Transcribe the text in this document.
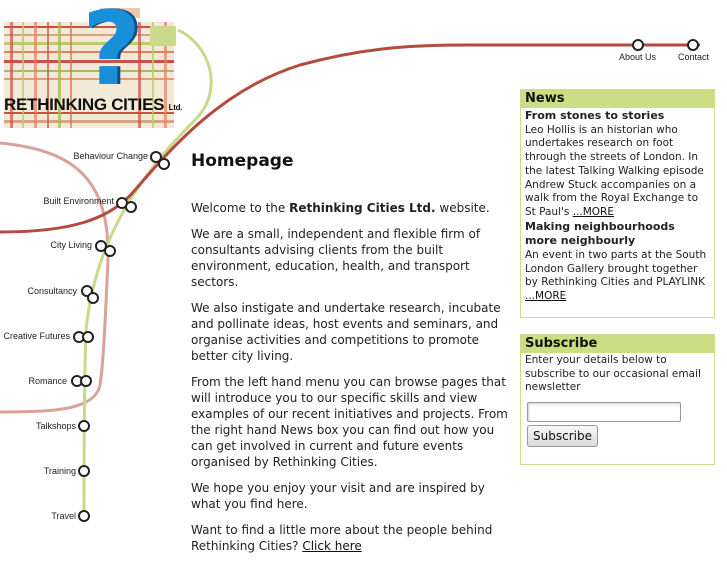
?
RETHINKING CITIES Ltd.
About Us Contact
Behaviour Change
Built Environment
City Living
Consultancy
Creative Futures
Romance
Talkshops
Training
Travel
Homepage

Welcome to the Rethinking Cities Ltd. website.

We are a small, independent and flexible firm of consultants advising clients from the built environment, education, health, and transport sectors.

We also instigate and undertake research, incubate and pollinate ideas, host events and seminars, and organise activities and competitions to promote better city living.

From the left hand menu you can browse pages that will introduce you to our specific skills and view examples of our recent initiatives and projects. From the right hand News box you can find out how you can get involved in current and future events organised by Rethinking Cities.

We hope you enjoy your visit and are inspired by what you find here.

Want to find a little more about the people behind Rethinking Cities? Click here

News
From stones to stories
Leo Hollis is an historian who undertakes research on foot through the streets of London. In the latest Talking Walking episode Andrew Stuck accompanies on a walk from the Royal Exchange to St Paul's ...MORE
Making neighbourhoods more neighbourly
An event in two parts at the South London Gallery brought together by Rethinking Cities and PLAYLINK ...MORE
Subscribe
Enter your details below to subscribe to our occasional email newsletter
Subscribe
